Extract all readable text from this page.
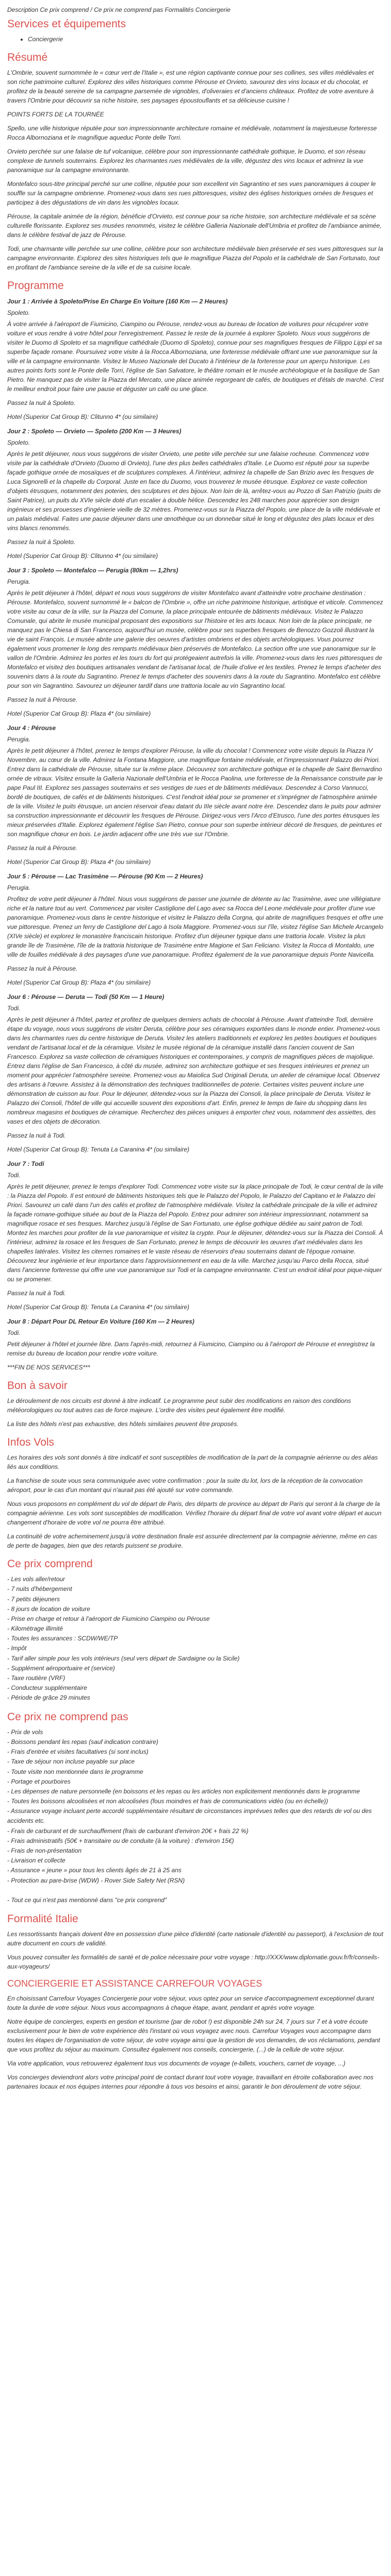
Description Ce prix comprend / Ce prix ne comprend pas Formalités Conciergerie

Services et équipements
• Conciergerie
Résumé

L'Ombrie, souvent surnommée le « cœur vert de l'Italie », est une région captivante connue pour ses collines, ses villes médiévales et son riche patrimoine culturel. Explorez des villes historiques comme Pérouse et Orvieto, savourez des vins locaux et du chocolat, et profitez de la beauté sereine de sa campagne parsemée de vignobles, d'oliveraies et d'anciens châteaux. Profitez de votre aventure à travers l'Ombrie pour découvrir sa riche histoire, ses paysages époustouflants et sa délicieuse cuisine !

POINTS FORTS DE LA TOURNÉE

Spello, une ville historique réputée pour son impressionnante architecture romaine et médiévale, notamment la majestueuse forteresse Rocca Albornoziana et le magnifique aqueduc Ponte delle Torri.

Orvieto perchée sur une falaise de tuf volcanique, célèbre pour son impressionnante cathédrale gothique, le Duomo, et son réseau complexe de tunnels souterrains. Explorez les charmantes rues médiévales de la ville, dégustez des vins locaux et admirez la vue panoramique sur la campagne environnante.

Montefalco sous-titre principal perché sur une colline, réputée pour son excellent vin Sagrantino et ses vues panoramiques à couper le souffle sur la campagne ombrienne. Promenez-vous dans ses rues pittoresques, visitez des églises historiques ornées de fresques et participez à des dégustations de vin dans les vignobles locaux.

Pérouse, la capitale animée de la région, bénéficie d'Orvieto, est connue pour sa riche histoire, son architecture médiévale et sa scène culturelle florissante. Explorez ses musées renommés, visitez le célèbre Galleria Nazionale dell'Umbria et profitez de l'ambiance animée, dans le célèbre festival de jazz de Pérouse.

Todi, une charmante ville perchée sur une colline, célèbre pour son architecture médiévale bien préservée et ses vues pittoresques sur la campagne environnante. Explorez des sites historiques tels que le magnifique Piazza del Popolo et la cathédrale de San Fortunato, tout en profitant de l'ambiance sereine de la ville et de sa cuisine locale.

Programme
Jour 1 : Arrivée à Spoleto/Prise En Charge En Voiture (160 Km — 2 Heures)
Spoleto.
À votre arrivée à l'aéroport de Fiumicino, Ciampino ou Pérouse, rendez-vous au bureau de location de voitures pour récupérer votre voiture et vous rendre à votre hôtel pour l'enregistrement. Passez le reste de la journée à explorer Spoleto. Nous vous suggérons de visiter le Duomo di Spoleto et sa magnifique cathédrale (Duomo di Spoleto), connue pour ses magnifiques fresques de Filippo Lippi et sa superbe façade romane. Poursuivez votre visite à la Rocca Albornoziana, une forteresse médiévale offrant une vue panoramique sur la ville et la campagne environnante. Visitez le Museo Nazionale del Ducato à l'intérieur de la forteresse pour un aperçu historique. Les autres points forts sont le Ponte delle Torri, l'église de San Salvatore, le théâtre romain et le musée archéologique et la basilique de San Pietro. Ne manquez pas de visiter la Piazza del Mercato, une place animée regorgeant de cafés, de boutiques et d'étals de marché. C'est le meilleur endroit pour faire une pause et déguster un café ou une glace.
Passez la nuit à Spoleto.
Hotel (Superior Cat Group B): Clitunno 4* (ou similaire)
Jour 2 : Spoleto — Orvieto — Spoleto (200 Km — 3 Heures)
Spoleto.
Après le petit déjeuner, nous vous suggérons de visiter Orvieto, une petite ville perchée sur une falaise rocheuse. Commencez votre visite par la cathédrale d'Orvieto (Duomo di Orvieto), l'une des plus belles cathédrales d'Italie. Le Duomo est réputé pour sa superbe façade gothique ornée de mosaïques et de sculptures complexes. À l'intérieur, admirez la chapelle de San Brizio avec les fresques de Luca Signorelli et la chapelle du Corporal. Juste en face du Duomo, vous trouverez le musée étrusque. Explorez ce vaste collection d'objets étrusques, notamment des poteries, des sculptures et des bijoux. Non loin de là, arrêtez-vous au Pozzo di San Patrizio (puits de Saint Patrice), un puits du XVIe siècle doté d'un escalier à double hélice. Descendez les 248 marches pour apprécier son design ingénieux et ses prouesses d'ingénierie vieille de 32 mètres. Promenez-vous sur la Piazza del Popolo, une place de la ville médiévale et un palais médiéval. Faites une pause déjeuner dans une œnothèque ou un donnebar situé le long et dégustez des plats locaux et des vins blancs renommés.
Passez la nuit à Spoleto.
Hotel (Superior Cat Group B): Clitunno 4* (ou similaire)
Jour 3 : Spoleto — Montefalco — Perugia (80km — 1,2hrs)
Perugia.
Après le petit déjeuner à l'hôtel, départ et nous vous suggérons de visiter Montefalco avant d'atteindre votre prochaine destination : Pérouse. Montefalco, souvent surnommé le « balcon de l'Ombrie », offre un riche patrimoine historique, artistique et viticole. Commencez votre visite au cœur de la ville, sur la Piazza del Comune, la place principale entourée de bâtiments médiévaux. Visitez le Palazzo Comunale, qui abrite le musée municipal proposant des expositions sur l'histoire et les arts locaux. Non loin de la place principale, ne manquez pas le Chiesa di San Francesco, aujourd'hui un musée, célèbre pour ses superbes fresques de Benozzo Gozzoli illustrant la vie de saint François. Le musée abrite une galerie des oeuvres d'artistes ombriens et des objets archéologiques. Vous pourrez également vous promener le long des remparts médiévaux bien préservés de Montefalco. La section offre une vue panoramique sur le vallon de l'Ombrie. Admirez les portes et les tours du fort qui protégeaient autrefois la ville. Promenez-vous dans les rues pittoresques de Montefalco et visitez des boutiques artisanales vendant de l'artisanat local, de l'huile d'olive et les textiles. Prenez le temps d'acheter des souvenirs dans à la route du Sagrantino. Prenez le temps d'acheter des souvenirs dans à la route du Sagrantino. Montefalco est célèbre pour son vin Sagrantino. Savourez un déjeuner tardif dans une trattoria locale au vin Sagrantino local.
Passez la nuit à Pérouse.
Hotel (Superior Cat Group B): Plaza 4* (ou similaire)
Jour 4 : Pérouse
Perugia.
Après le petit déjeuner à l'hôtel, prenez le temps d'explorer Pérouse, la ville du chocolat ! Commencez votre visite depuis la Piazza IV Novembre, au cœur de la ville. Admirez la Fontana Maggiore, une magnifique fontaine médiévale, et l'impressionnant Palazzo dei Priori. Entrez dans la cathédrale de Pérouse, située sur la même place. Découvrez son architecture gothique et la chapelle de Saint Bernardino ornée de vitraux. Visitez ensuite la Galleria Nazionale dell'Umbria et le Rocca Paolina, une forteresse de la Renaissance construite par le pape Paul III. Explorez ses passages souterrains et ses vestiges de rues et de bâtiments médiévaux. Descendez à Corso Vannucci, bordé de boutiques, de cafés et de bâtiments historiques. C'est l'endroit idéal pour se promener et s'imprégner de l'atmosphère animée de la ville. Visitez le puits étrusque, un ancien réservoir d'eau datant du IIIe siècle avant notre ère. Descendez dans le puits pour admirer sa construction impressionnante et découvrir les fresques de Pérouse. Dirigez-vous vers l'Arco d'Etrusco, l'une des portes étrusques les mieux préservées d'Italie. Explorez également l'église San Pietro, connue pour son superbe intérieur décoré de fresques, de peintures et son magnifique chœur en bois. Le jardin adjacent offre une très vue sur l'Ombrie.
Passez la nuit à Pérouse.
Hotel (Superior Cat Group B): Plaza 4* (ou similaire)
Jour 5 : Pérouse — Lac Trasimène — Pérouse (90 Km — 2 Heures)
Perugia.
Profitez de votre petit déjeuner à l'hôtel. Nous vous suggérons de passer une journée de détente au lac Trasimène, avec une villégiature riche et la nature tout au vert. Commencez par visiter Castiglione del Lago avec sa Rocca del Leone médiévale pour profiter d'une vue panoramique. Promenez-vous dans le centre historique et visitez le Palazzo della Corgna, qui abrite de magnifiques fresques et offre une vue pittoresque. Prenez un ferry de Castiglione del Lago à Isola Maggiore. Promenez-vous sur l'île, visitez l'église San Michele Arcangelo (XIVe siècle) et explorez le monastère franciscain historique. Profitez d'un déjeuner typique dans une trattoria locale. Visitez la plus grande île de Trasimène, l'île de la trattoria historique de Trasimène entre Magione et San Feliciano. Visitez la Rocca di Montaldo, une ville de fouilles médiévale à des paysages d'une vue panoramique. Profitez également de la vue panoramique depuis Ponte Navicella.
Passez la nuit à Pérouse.
Hotel (Superior Cat Group B): Plaza 4* (ou similaire)
Jour 6 : Pérouse — Deruta — Todi (50 Km — 1 Heure)
Todi.
Après le petit déjeuner à l'hôtel, partez et profitez de quelques derniers achats de chocolat à Pérouse. Avant d'atteindre Todi, dernière étape du voyage, nous vous suggérons de visiter Deruta, célèbre pour ses céramiques exportées dans le monde entier. Promenez-vous dans les charmantes rues du centre historique de Deruta. Visitez les ateliers traditionnels et explorez les petites boutiques et boutiques vendant de l'artisanat local et de la céramique. Visitez le musée régional de la céramique installé dans l'ancien couvent de San Francesco. Explorez sa vaste collection de céramiques historiques et contemporaines, y compris de magnifiques pièces de majolique. Entrez dans l'église de San Francesco, à côté du musée, admirez son architecture gothique et ses fresques intérieures et prenez un moment pour apprécier l'atmosphère sereine. Promenez-vous au Maiolica Sud Originali Deruta, un atelier de céramique local. Observez des artisans à l'œuvre. Assistez à la démonstration des techniques traditionnelles de poterie. Certaines visites peuvent inclure une démonstration de cuisson au four. Pour le déjeuner, détendez-vous sur la Piazza dei Consoli, la place principale de Deruta. Visitez le Palazzo dei Consoli, l'hôtel de ville qui accueille souvent des expositions d'art. Enfin, prenez le temps de faire du shopping dans les nombreux magasins et boutiques de céramique. Recherchez des pièces uniques à emporter chez vous, notamment des assiettes, des vases et des objets de décoration.
Passez la nuit à Todi.
Hotel (Superior Cat Group B): Tenuta La Caranina 4* (ou similaire)
Jour 7 : Todi
Todi.
Après le petit déjeuner, prenez le temps d'explorer Todi. Commencez votre visite sur la place principale de Todi, le cœur central de la ville : la Piazza del Popolo. Il est entouré de bâtiments historiques tels que le Palazzo del Popolo, le Palazzo del Capitano et le Palazzo dei Priori. Savourez un café dans l'un des cafés et profitez de l'atmosphère médiévale. Visitez la cathédrale principale de la ville et admirez la façade romane-gothique située au bout de la Piazza del Popolo. Entrez pour admirer son intérieur impressionnant, notamment sa magnifique rosace et ses fresques. Marchez jusqu'à l'église de San Fortunato, une église gothique dédiée au saint patron de Todi. Montez les marches pour profiter de la vue panoramique et visitez la crypte. Pour le déjeuner, détendez-vous sur la Piazza dei Consoli. À l'intérieur, admirez la rosace et les fresques de San Fortunato, prenez le temps de découvrir les œuvres d'art médiévales dans les chapelles latérales. Visitez les citernes romaines et le vaste réseau de réservoirs d'eau souterrains datant de l'époque romaine. Découvrez leur ingénierie et leur importance dans l'approvisionnement en eau de la ville. Marchez jusqu'au Parco della Rocca, situé dans l'ancienne forteresse qui offre une vue panoramique sur Todi et la campagne environnante. C'est un endroit idéal pour pique-niquer ou se promener.
Passez la nuit à Todi.
Hotel (Superior Cat Group B): Tenuta La Caranina 4* (ou similaire)
Jour 8 : Départ Pour DL Retour En Voiture (160 Km — 2 Heures)
Todi.
Petit déjeuner à l'hôtel et journée libre. Dans l'après-midi, retournez à Fiumicino, Ciampino ou à l'aéroport de Pérouse et enregistrez la remise du bureau de location pour rendre votre voiture.
***FIN DE NOS SERVICES***
Bon à savoir

Le déroulement de nos circuits est donné à titre indicatif. Le programme peut subir des modifications en raison des conditions météorologiques ou tout autres cas de force majeure. L'ordre des visites peut également être modifié.

La liste des hôtels n'est pas exhaustive, des hôtels similaires peuvent être proposés.

Infos Vols

Les horaires des vols sont donnés à titre indicatif et sont susceptibles de modification de la part de la compagnie aérienne ou des aléas liés aux conditions.

La franchise de soute vous sera communiquée avec votre confirmation : pour la suite du lot, lors de la réception de la convocation aéroport, pour le cas d'un montant qui n'aurait pas été ajouté sur votre commande.

Nous vous proposons en complément du vol de départ de Paris, des départs de province au départ de Paris qui seront à la charge de la compagnie aérienne. Les vols sont susceptibles de modification. Vérifiez l'horaire du départ final de votre vol avant votre départ et aucun changement d'horaire de votre vol ne pourra être attribué.

La continuité de votre acheminement jusqu'à votre destination finale est assurée directement par la compagnie aérienne, même en cas de perte de bagages, bien que des retards puissent se produire.

Ce prix comprend
- Les vols aller/retour
- 7 nuits d'hébergement
- 7 petits déjeuners
- 8 jours de location de voiture
- Prise en charge et retour à l'aéroport de Fiumicino Ciampino ou Pérouse
- Kilométrage illimité
- Toutes les assurances : SCDW/WE/TP
- Impôt
- Tarif aller simple pour les vols intérieurs (seul vers départ de Sardaigne ou la Sicile)
- Supplément aéroportuaire et (service)
- Taxe routière (VRF)
- Conducteur supplémentaire
- Période de grâce 29 minutes
Ce prix ne comprend pas
- Prix de vols
- Boissons pendant les repas (sauf indication contraire)
- Frais d'entrée et visites facultatives (si sont inclus)
- Taxe de séjour non incluse payable sur place
- Toute visite non mentionnée dans le programme
- Portage et pourboires
- Les dépenses de nature personnelle (en boissons et les repas ou les articles non explicitement mentionnés dans le programme
- Toutes les boissons alcoolisées et non alcoolisées (fous moindres et frais de communications vidéo (ou en échelle))
- Assurance voyage incluant perte accordé supplémentaire résultant de circonstances imprévues telles que des retards de vol ou des accidents etc.
- Frais de carburant et de surchauffement (frais de carburant d'environ 20€ + frais 22 %)
- Frais administratifs (50€ + transitaire ou de conduite (à la voiture) : d'environ 15€)
- Frais de non-présentation
- Livraison et collecte
- Assurance « jeune » pour tous les clients âgés de 21 à 25 ans
- Protection au pare-brise (WDW) - Rover Side Safety Net (RSN)

- Tout ce qui n'est pas mentionné dans "ce prix comprend"
Formalité Italie

Les ressortissants français doivent être en possession d'une pièce d'identité (carte nationale d'identité ou passeport), à l'exclusion de tout autre document en cours de validité.

Vous pouvez consulter les formalités de santé et de police nécessaire pour votre voyage : http://XXX/www.diplomatie.gouv.fr/fr/conseils-aux-voyageurs/

CONCIERGERIE ET ASSISTANCE CARREFOUR VOYAGES

En choisissant Carrefour Voyages Conciergerie pour votre séjour, vous optez pour un service d'accompagnement exceptionnel durant toute la durée de votre séjour. Nous vous accompagnons à chaque étape, avant, pendant et après votre voyage.

Notre équipe de concierges, experts en gestion et tourisme (par de robot !) est disponible 24h sur 24, 7 jours sur 7 et à votre écoute exclusivement pour le bien de votre expérience dès l'instant où vous voyagez avec nous. Carrefour Voyages vous accompagne dans toutes les étapes de l'organisation de votre séjour, de votre voyage ainsi que la gestion de vos demandes, de vos réclamations, pendant que vous profitez du séjour au maximum. Consultez également nos conseils, conciergerie, (...) de la cellule de votre séjour.

Via votre application, vous retrouverez également tous vos documents de voyage (e-billets, vouchers, carnet de voyage, ...)

Vos concierges deviendront alors votre principal point de contact durant tout votre voyage, travaillant en étroite collaboration avec nos partenaires locaux et nos équipes internes pour répondre à tous vos besoins et ainsi, garantir le bon déroulement de votre séjour.
